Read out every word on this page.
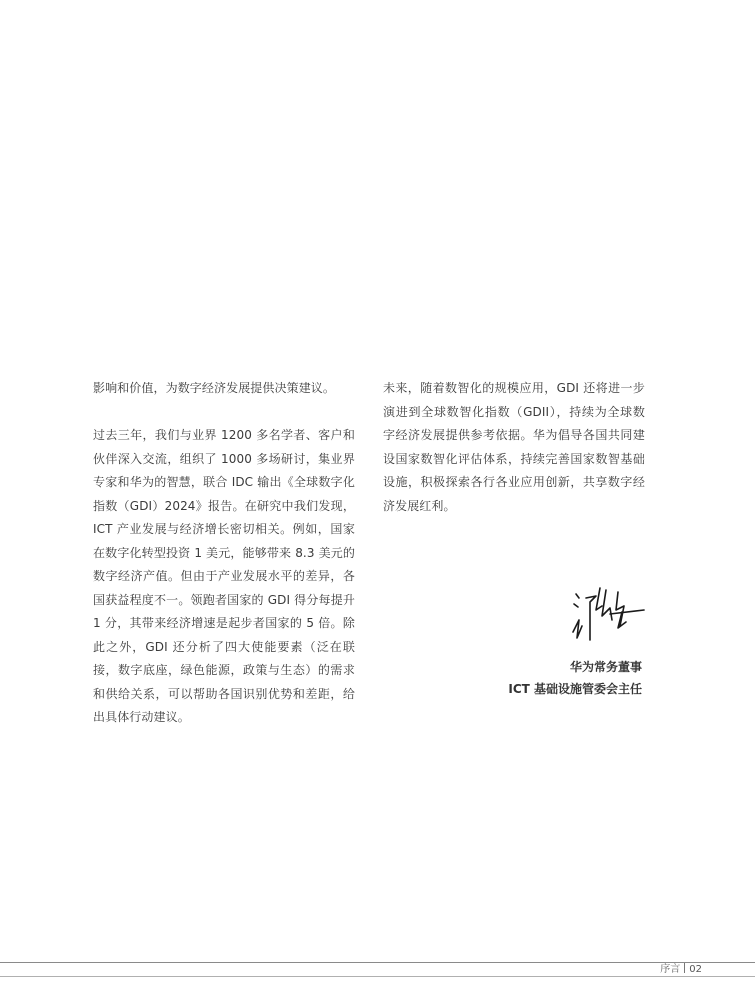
影响和价值，为数字经济发展提供决策建议。

过去三年，我们与业界 1200 多名学者、客户和伙伴深入交流，组织了 1000 多场研讨，集业界专家和华为的智慧，联合 IDC 输出《全球数字化指数（GDI）2024》报告。在研究中我们发现，ICT 产业发展与经济增长密切相关。例如，国家在数字化转型投资 1 美元，能够带来 8.3 美元的数字经济产值。但由于产业发展水平的差异，各国获益程度不一。领跑者国家的 GDI 得分每提升 1 分，其带来经济增速是起步者国家的 5 倍。除此之外，GDI 还分析了四大使能要素（泛在联接，数字底座，绿色能源，政策与生态）的需求和供给关系，可以帮助各国识别优势和差距，给出具体行动建议。

未来，随着数智化的规模应用，GDI 还将进一步演进到全球数智化指数（GDII），持续为全球数字经济发展提供参考依据。华为倡导各国共同建设国家数智化评估体系，持续完善国家数智基础设施，积极探索各行各业应用创新，共享数字经济发展红利。

华为常务董事
ICT 基础设施管委会主任
序言 02
